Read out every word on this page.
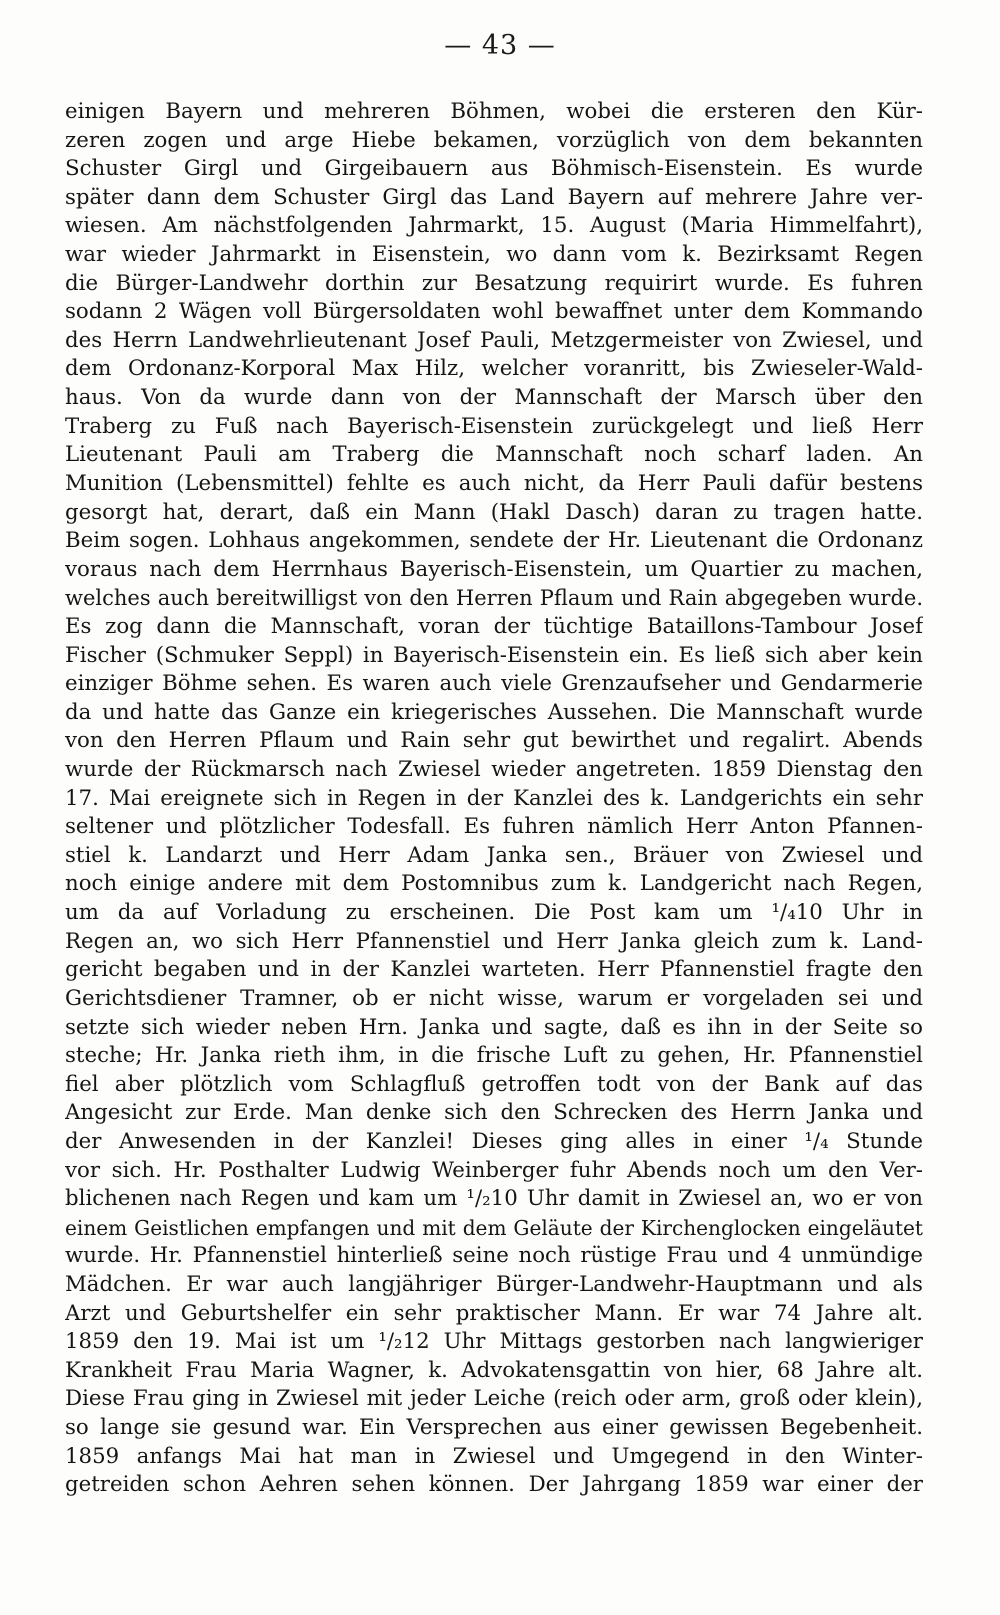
— 43 —
einigen Bayern und mehreren Böhmen, wobei die ersteren den Kür-
zeren zogen und arge Hiebe bekamen, vorzüglich von dem bekannten
Schuster Girgl und Girgeibauern aus Böhmisch-Eisenstein. Es wurde
später dann dem Schuster Girgl das Land Bayern auf mehrere Jahre ver-
wiesen. Am nächstfolgenden Jahrmarkt, 15. August (Maria Himmelfahrt),
war wieder Jahrmarkt in Eisenstein, wo dann vom k. Bezirksamt Regen
die Bürger-Landwehr dorthin zur Besatzung requirirt wurde. Es fuhren
sodann 2 Wägen voll Bürgersoldaten wohl bewaffnet unter dem Kommando
des Herrn Landwehrlieutenant Josef Pauli, Metzgermeister von Zwiesel, und
dem Ordonanz-Korporal Max Hilz, welcher voranritt, bis Zwieseler-Wald-
haus. Von da wurde dann von der Mannschaft der Marsch über den
Traberg zu Fuß nach Bayerisch-Eisenstein zurückgelegt und ließ Herr
Lieutenant Pauli am Traberg die Mannschaft noch scharf laden. An
Munition (Lebensmittel) fehlte es auch nicht, da Herr Pauli dafür bestens
gesorgt hat, derart, daß ein Mann (Hakl Dasch) daran zu tragen hatte.
Beim sogen. Lohhaus angekommen, sendete der Hr. Lieutenant die Ordonanz
voraus nach dem Herrnhaus Bayerisch-Eisenstein, um Quartier zu machen,
welches auch bereitwilligst von den Herren Pflaum und Rain abgegeben wurde.
Es zog dann die Mannschaft, voran der tüchtige Bataillons-Tambour Josef
Fischer (Schmuker Seppl) in Bayerisch-Eisenstein ein. Es ließ sich aber kein
einziger Böhme sehen. Es waren auch viele Grenzaufseher und Gendarmerie
da und hatte das Ganze ein kriegerisches Aussehen. Die Mannschaft wurde
von den Herren Pflaum und Rain sehr gut bewirthet und regalirt. Abends
wurde der Rückmarsch nach Zwiesel wieder angetreten. 1859 Dienstag den
17. Mai ereignete sich in Regen in der Kanzlei des k. Landgerichts ein sehr
seltener und plötzlicher Todesfall. Es fuhren nämlich Herr Anton Pfannen-
stiel k. Landarzt und Herr Adam Janka sen., Bräuer von Zwiesel und
noch einige andere mit dem Postomnibus zum k. Landgericht nach Regen,
um da auf Vorladung zu erscheinen. Die Post kam um ¹/₄10 Uhr in
Regen an, wo sich Herr Pfannenstiel und Herr Janka gleich zum k. Land-
gericht begaben und in der Kanzlei warteten. Herr Pfannenstiel fragte den
Gerichtsdiener Tramner, ob er nicht wisse, warum er vorgeladen sei und
setzte sich wieder neben Hrn. Janka und sagte, daß es ihn in der Seite so
steche; Hr. Janka rieth ihm, in die frische Luft zu gehen, Hr. Pfannenstiel
fiel aber plötzlich vom Schlagfluß getroffen todt von der Bank auf das
Angesicht zur Erde. Man denke sich den Schrecken des Herrn Janka und
der Anwesenden in der Kanzlei! Dieses ging alles in einer ¹/₄ Stunde
vor sich. Hr. Posthalter Ludwig Weinberger fuhr Abends noch um den Ver-
blichenen nach Regen und kam um ¹/₂10 Uhr damit in Zwiesel an, wo er von
einem Geistlichen empfangen und mit dem Geläute der Kirchenglocken eingeläutet
wurde. Hr. Pfannenstiel hinterließ seine noch rüstige Frau und 4 unmündige
Mädchen. Er war auch langjähriger Bürger-Landwehr-Hauptmann und als
Arzt und Geburtshelfer ein sehr praktischer Mann. Er war 74 Jahre alt.
1859 den 19. Mai ist um ¹/₂12 Uhr Mittags gestorben nach langwieriger
Krankheit Frau Maria Wagner, k. Advokatensgattin von hier, 68 Jahre alt.
Diese Frau ging in Zwiesel mit jeder Leiche (reich oder arm, groß oder klein),
so lange sie gesund war. Ein Versprechen aus einer gewissen Begebenheit.
1859 anfangs Mai hat man in Zwiesel und Umgegend in den Winter-
getreiden schon Aehren sehen können. Der Jahrgang 1859 war einer der
